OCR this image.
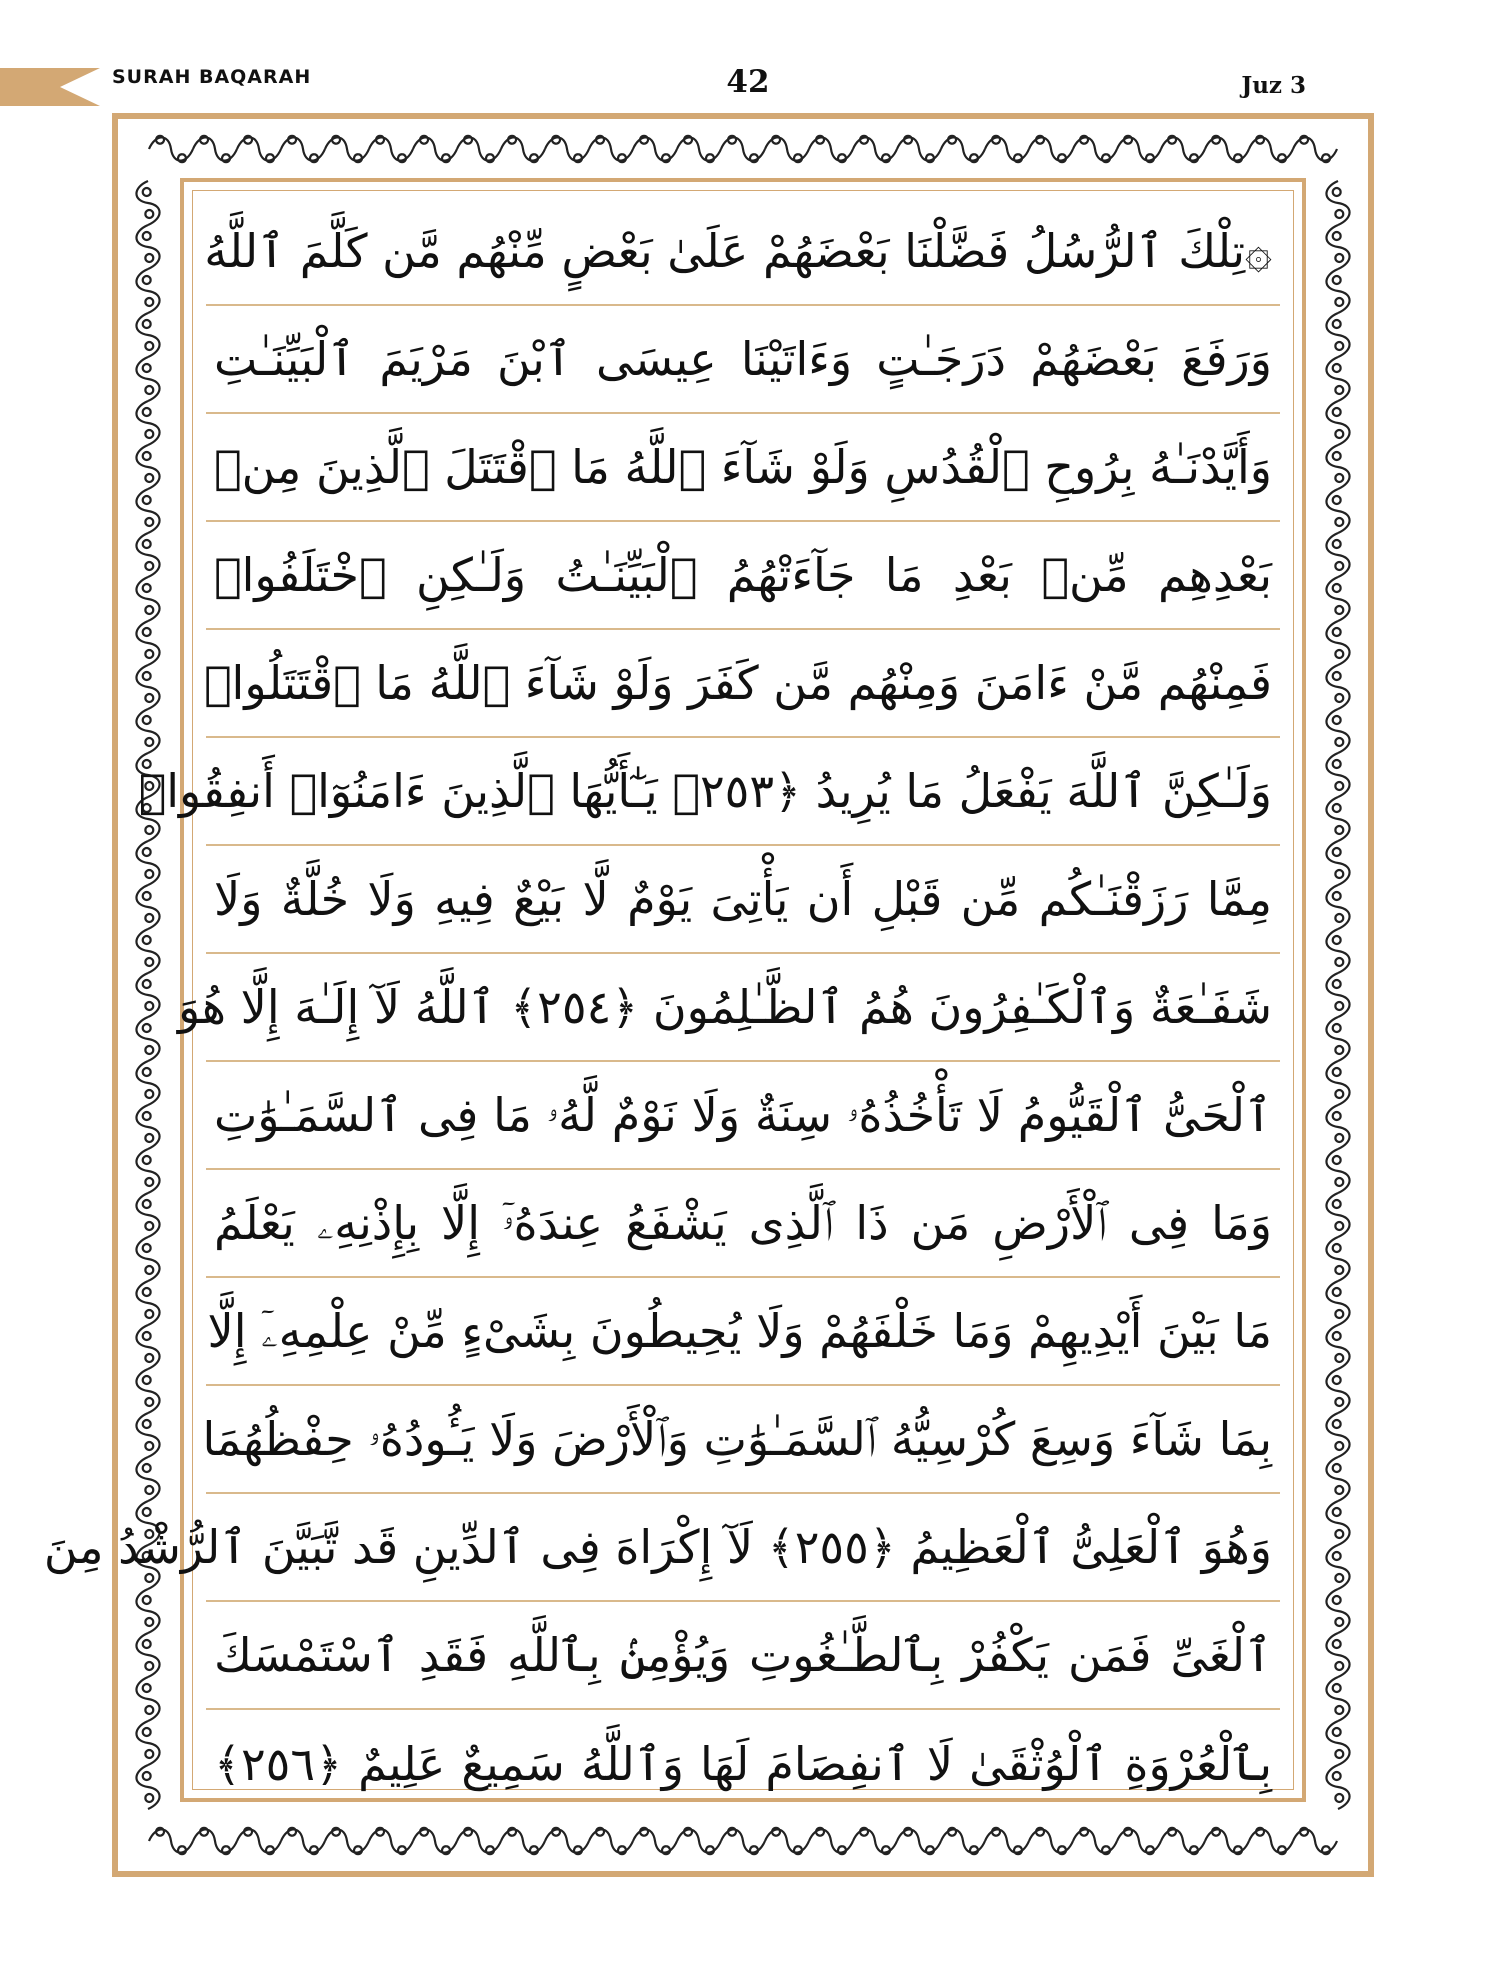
SURAH BAQARAH	42	Juz 3
۞تِلْكَ ٱلرُّسُلُ فَضَّلْنَا بَعْضَهُمْ عَلَىٰ بَعْضٍ مِّنْهُم مَّن كَلَّمَ ٱللَّهُ
وَرَفَعَ بَعْضَهُمْ دَرَجَـٰتٍ وَءَاتَيْنَا عِيسَى ٱبْنَ مَرْيَمَ ٱلْبَيِّنَـٰتِ
وَأَيَّدْنَـٰهُ بِرُوحِ ٱلْقُدُسِ وَلَوْ شَآءَ ٱللَّهُ مَا ٱقْتَتَلَ ٱلَّذِينَ مِنۢ
بَعْدِهِم مِّنۢ بَعْدِ مَا جَآءَتْهُمُ ٱلْبَيِّنَـٰتُ وَلَـٰكِنِ ٱخْتَلَفُوا۟
فَمِنْهُم مَّنْ ءَامَنَ وَمِنْهُم مَّن كَفَرَ وَلَوْ شَآءَ ٱللَّهُ مَا ٱقْتَتَلُوا۟
وَلَـٰكِنَّ ٱللَّهَ يَفْعَلُ مَا يُرِيدُ ﴿٢٥٣﴾ يَـٰٓأَيُّهَا ٱلَّذِينَ ءَامَنُوٓا۟ أَنفِقُوا۟
مِمَّا رَزَقْنَـٰكُم مِّن قَبْلِ أَن يَأْتِىَ يَوْمٌ لَّا بَيْعٌ فِيهِ وَلَا خُلَّةٌ وَلَا
شَفَـٰعَةٌ وَٱلْكَـٰفِرُونَ هُمُ ٱلظَّـٰلِمُونَ ﴿٢٥٤﴾ ٱللَّهُ لَآ إِلَـٰهَ إِلَّا هُوَ
ٱلْحَىُّ ٱلْقَيُّومُ لَا تَأْخُذُهُۥ سِنَةٌ وَلَا نَوْمٌ لَّهُۥ مَا فِى ٱلسَّمَـٰوَٰتِ
وَمَا فِى ٱلْأَرْضِ مَن ذَا ٱلَّذِى يَشْفَعُ عِندَهُۥٓ إِلَّا بِإِذْنِهِۦ يَعْلَمُ
مَا بَيْنَ أَيْدِيهِمْ وَمَا خَلْفَهُمْ وَلَا يُحِيطُونَ بِشَىْءٍ مِّنْ عِلْمِهِۦٓ إِلَّا
بِمَا شَآءَ وَسِعَ كُرْسِيُّهُ ٱلسَّمَـٰوَٰتِ وَٱلْأَرْضَ وَلَا يَـُٔودُهُۥ حِفْظُهُمَا
وَهُوَ ٱلْعَلِىُّ ٱلْعَظِيمُ ﴿٢٥٥﴾ لَآ إِكْرَاهَ فِى ٱلدِّينِ قَد تَّبَيَّنَ ٱلرُّشْدُ مِنَ
ٱلْغَىِّ فَمَن يَكْفُرْ بِٱلطَّـٰغُوتِ وَيُؤْمِنۢ بِٱللَّهِ فَقَدِ ٱسْتَمْسَكَ
بِٱلْعُرْوَةِ ٱلْوُثْقَىٰ لَا ٱنفِصَامَ لَهَا وَٱللَّهُ سَمِيعٌ عَلِيمٌ ﴿٢٥٦﴾
